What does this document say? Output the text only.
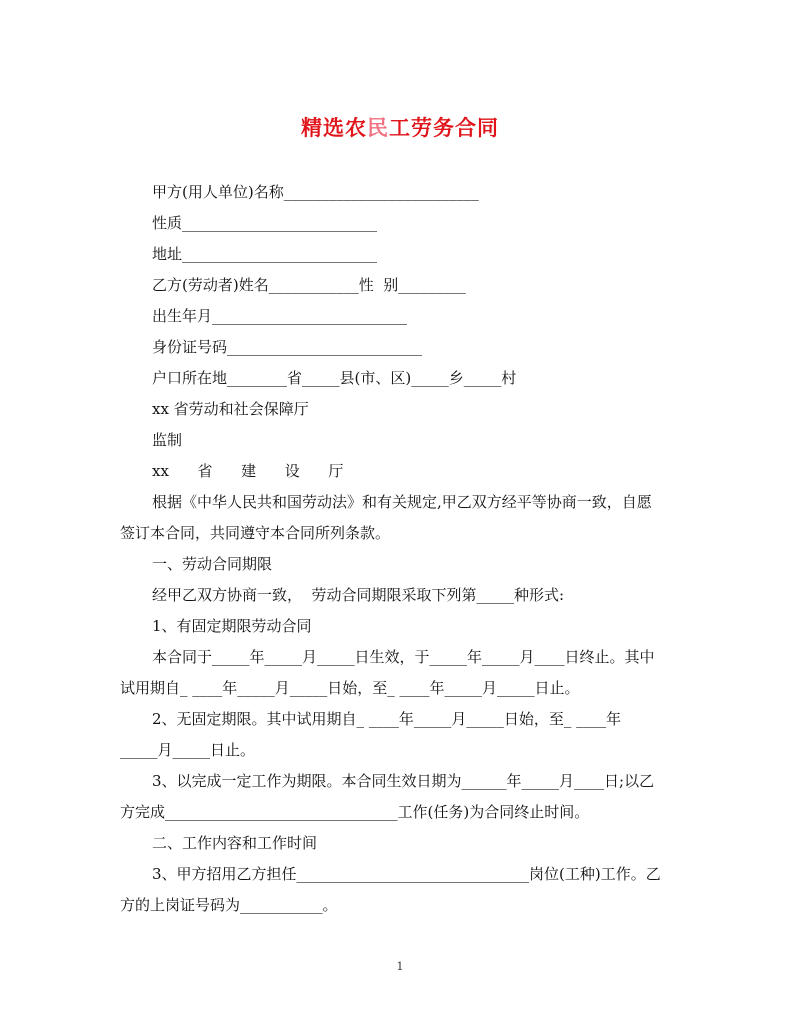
精选农民工劳务合同
甲方(用人单位)名称__________________________
性质__________________________
地址__________________________
乙方(劳动者)姓名____________性  别_________
出生年月__________________________
身份证号码__________________________
户口所在地________省_____县(市、区)_____乡_____村
xx 省劳动和社会保障厅
监制
xx      省      建      设      厅
根据《中华人民共和国劳动法》和有关规定,甲乙双方经平等协商一致，自愿
签订本合同，共同遵守本合同所列条款。
一、劳动合同期限
经甲乙双方协商一致，  劳动合同期限采取下列第_____种形式:
1、有固定期限劳动合同
本合同于_____年_____月_____日生效，于_____年_____月____日终止。其中
试用期自_ ____年_____月_____日始，至_ ____年_____月_____日止。
2、无固定期限。其中试用期自_ ____年_____月_____日始，至_ ____年
_____月_____日止。
3、以完成一定工作为期限。本合同生效日期为______年_____月____日;以乙
方完成_______________________________工作(任务)为合同终止时间。
二、工作内容和工作时间
3、甲方招用乙方担任_______________________________岗位(工种)工作。乙
方的上岗证号码为___________。
1
